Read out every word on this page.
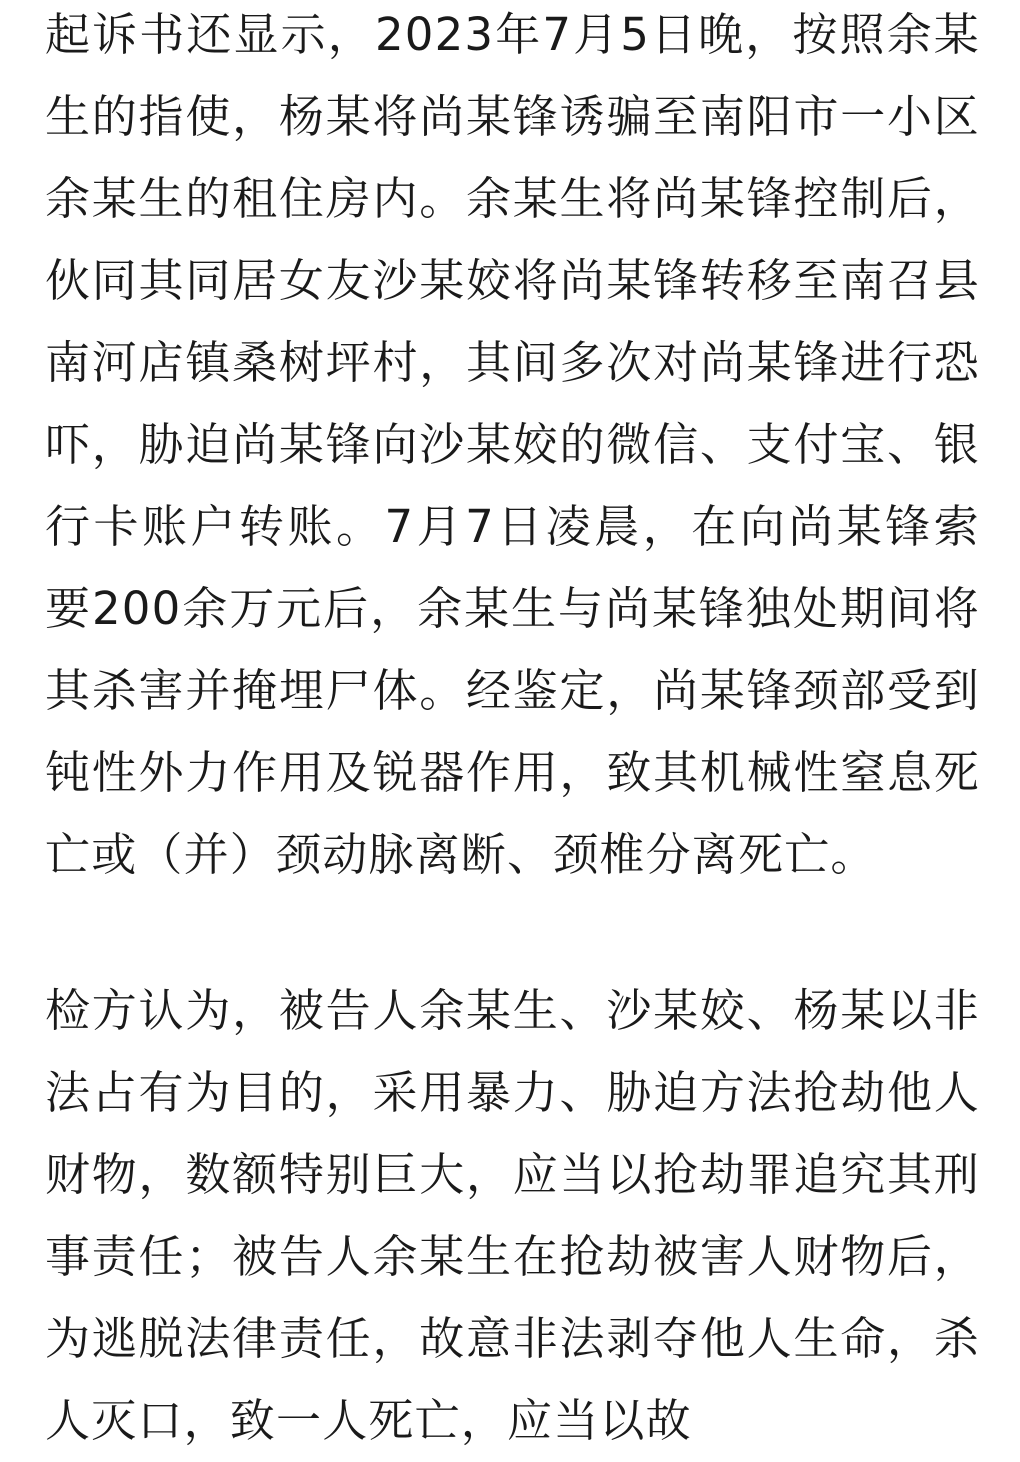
起诉书还显示，2023年7月5日晚，按照余某生的指使，杨某将尚某锋诱骗至南阳市一小区余某生的租住房内。余某生将尚某锋控制后，伙同其同居女友沙某姣将尚某锋转移至南召县南河店镇桑树坪村，其间多次对尚某锋进行恐吓，胁迫尚某锋向沙某姣的微信、支付宝、银行卡账户转账。7月7日凌晨，在向尚某锋索要200余万元后，余某生与尚某锋独处期间将其杀害并掩埋尸体。经鉴定，尚某锋颈部受到钝性外力作用及锐器作用，致其机械性窒息死亡或（并）颈动脉离断、颈椎分离死亡。

检方认为，被告人余某生、沙某姣、杨某以非法占有为目的，采用暴力、胁迫方法抢劫他人财物，数额特别巨大，应当以抢劫罪追究其刑事责任；被告人余某生在抢劫被害人财物后，为逃脱法律责任，故意非法剥夺他人生命，杀人灭口，致一人死亡，应当以故
